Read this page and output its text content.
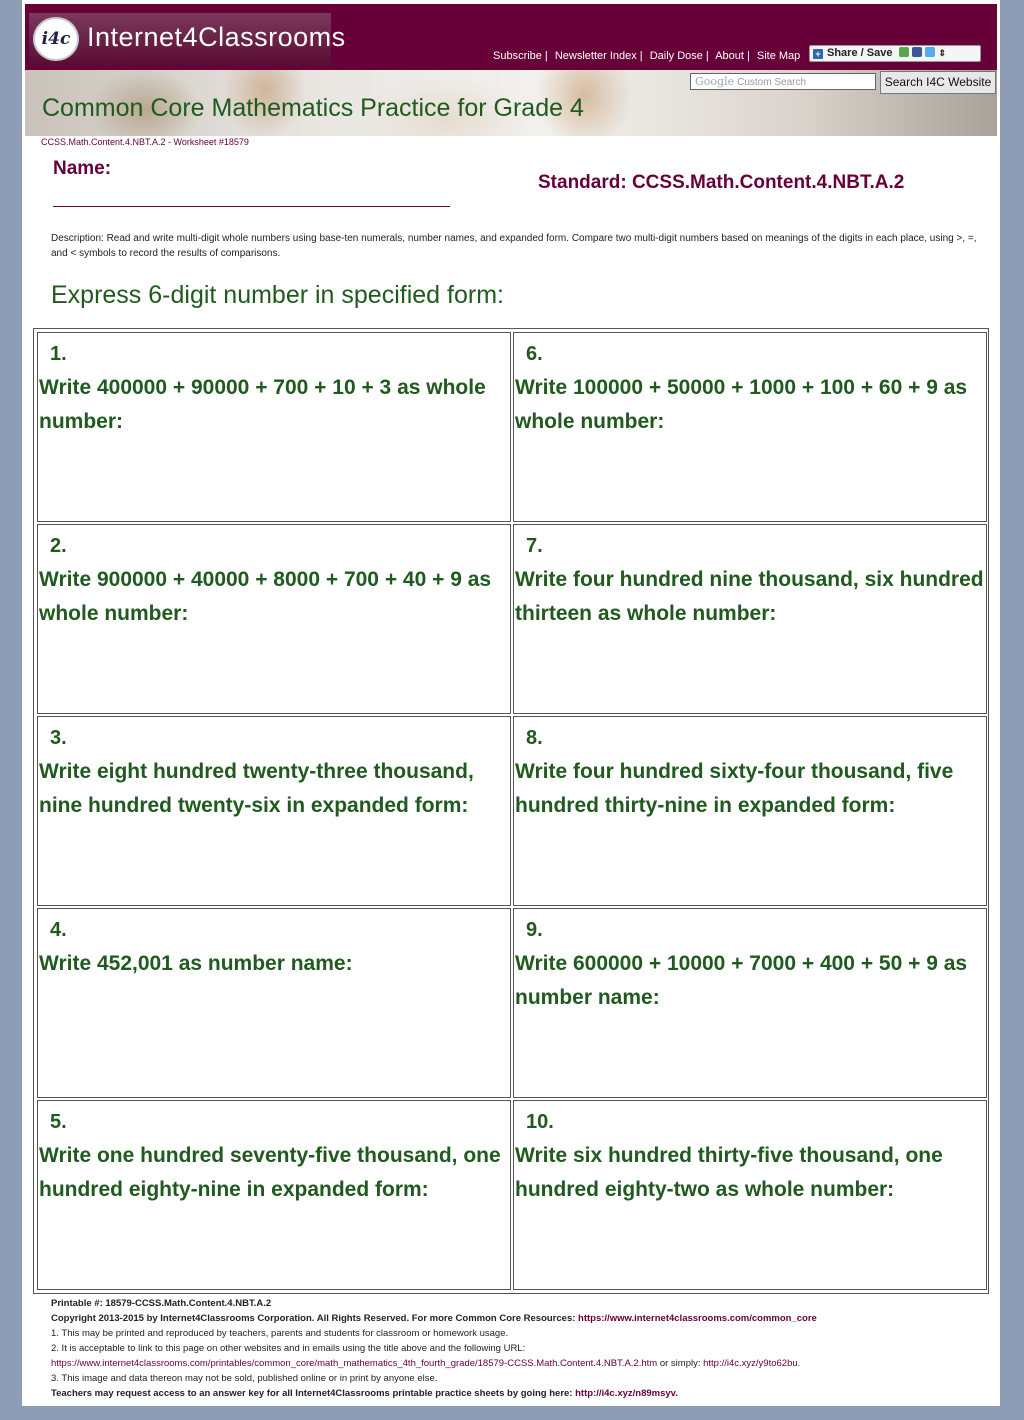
i4c Internet4Classrooms
Subscribe | Newsletter Index | Daily Dose | About | Site Map	+ Share / Save	⇕
Common Core Mathematics Practice for Grade 4
Google Custom Search	Search I4C Website
CCSS.Math.Content.4.NBT.A.2 - Worksheet #18579
Name:
Standard: CCSS.Math.Content.4.NBT.A.2
Description: Read and write multi-digit whole numbers using base-ten numerals, number names, and expanded form. Compare two multi-digit numbers based on meanings of the digits in each place, using >, =, and < symbols to record the results of comparisons.
Express 6-digit number in specified form:
1.
Write 400000 + 90000 + 700 + 10 + 3 as whole number:
2.
Write 900000 + 40000 + 8000 + 700 + 40 + 9 as whole number:
3.
Write eight hundred twenty-three thousand, nine hundred twenty-six in expanded form:
4.
Write 452,001 as number name:
5.
Write one hundred seventy-five thousand, one hundred eighty-nine in expanded form:
6.
Write 100000 + 50000 + 1000 + 100 + 60 + 9 as whole number:
7.
Write four hundred nine thousand, six hundred thirteen as whole number:
8.
Write four hundred sixty-four thousand, five hundred thirty-nine in expanded form:
9.
Write 600000 + 10000 + 7000 + 400 + 50 + 9 as number name:
10.
Write six hundred thirty-five thousand, one hundred eighty-two as whole number:
Printable #: 18579-CCSS.Math.Content.4.NBT.A.2
Copyright 2013-2015 by Internet4Classrooms Corporation. All Rights Reserved. For more Common Core Resources: https://www.internet4classrooms.com/common_core
1. This may be printed and reproduced by teachers, parents and students for classroom or homework usage.
2. It is acceptable to link to this page on other websites and in emails using the title above and the following URL:
https://www.internet4classrooms.com/printables/common_core/math_mathematics_4th_fourth_grade/18579-CCSS.Math.Content.4.NBT.A.2.htm or simply: http://i4c.xyz/y9to62bu.
3. This image and data thereon may not be sold, published online or in print by anyone else.
Teachers may request access to an answer key for all Internet4Classrooms printable practice sheets by going here: http://i4c.xyz/n89msyv.
